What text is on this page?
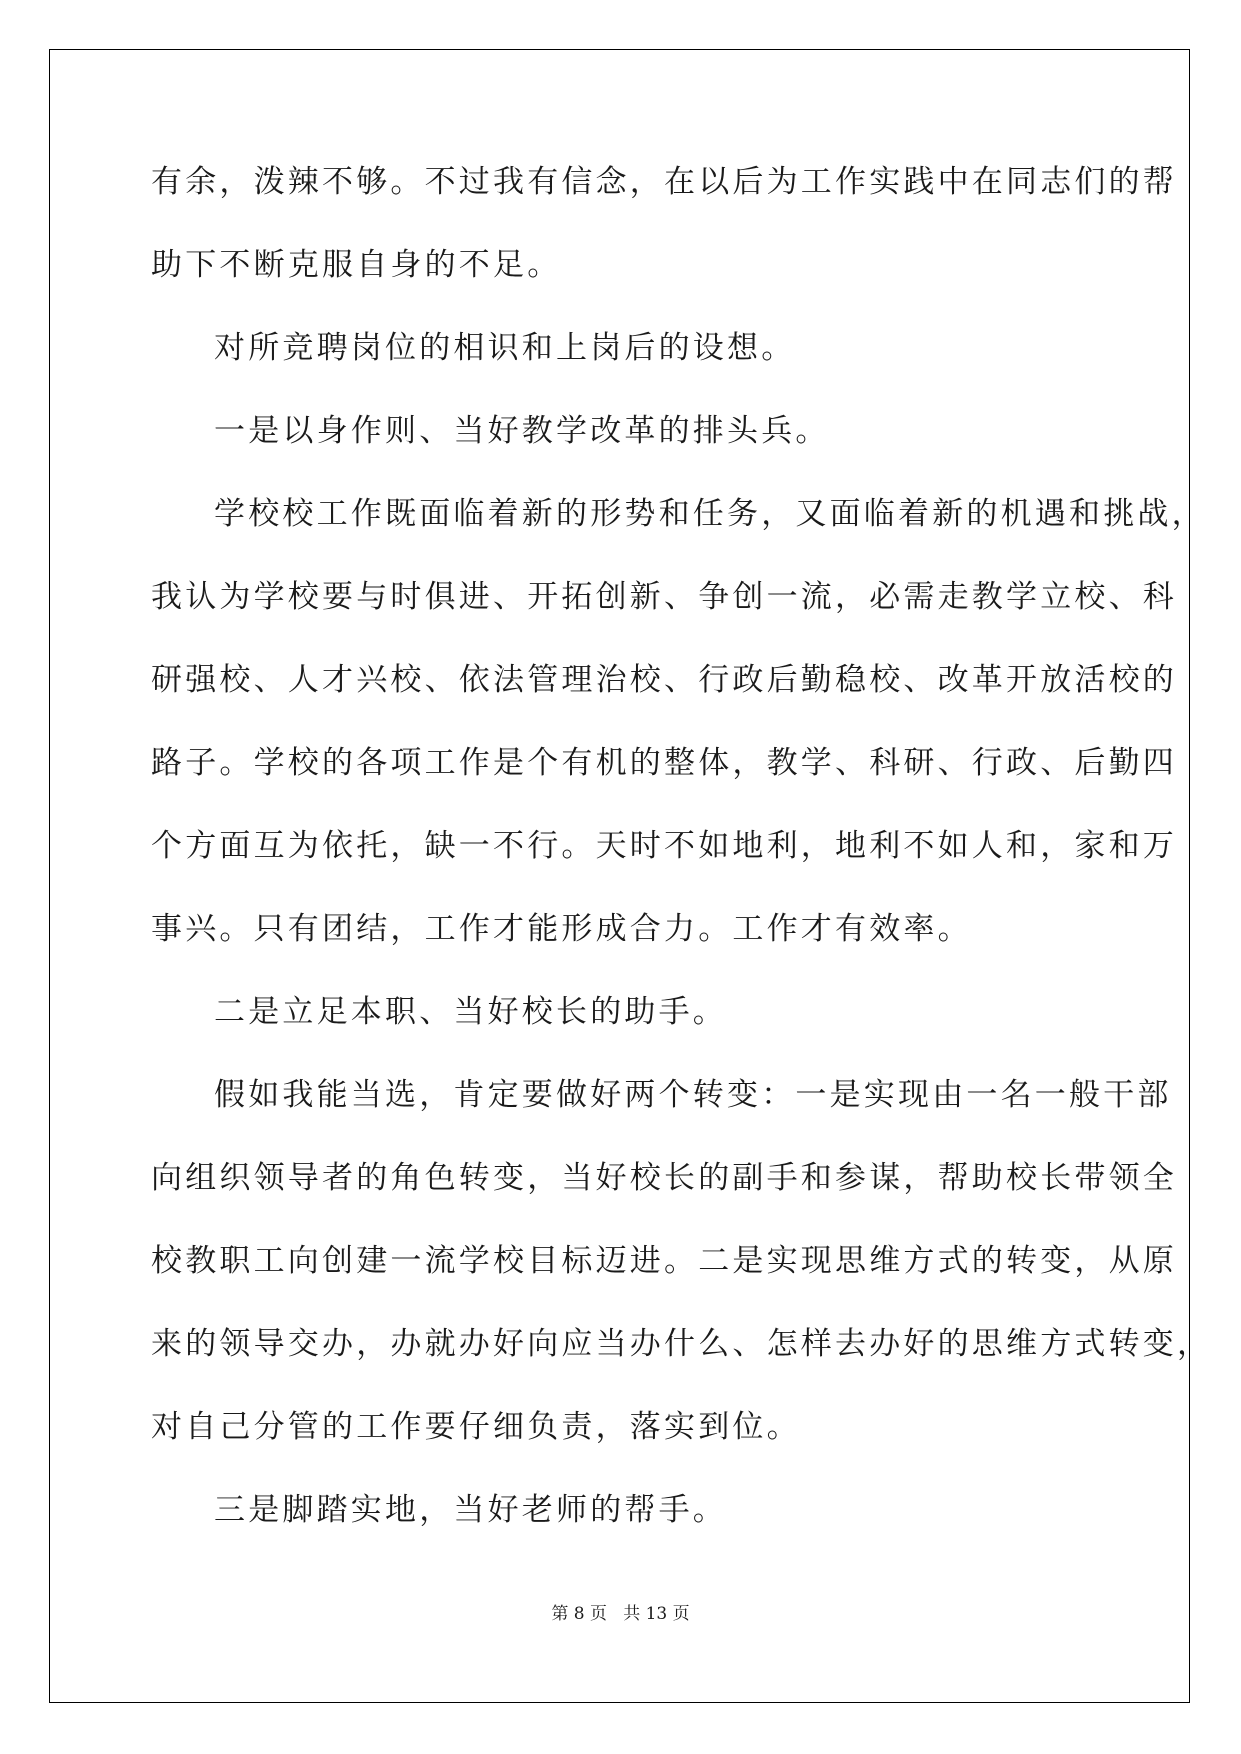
有余，泼辣不够。不过我有信念，在以后为工作实践中在同志们的帮
助下不断克服自身的不足。
对所竞聘岗位的相识和上岗后的设想。
一是以身作则、当好教学改革的排头兵。
学校校工作既面临着新的形势和任务，又面临着新的机遇和挑战，
我认为学校要与时俱进、开拓创新、争创一流，必需走教学立校、科
研强校、人才兴校、依法管理治校、行政后勤稳校、改革开放活校的
路子。学校的各项工作是个有机的整体，教学、科研、行政、后勤四
个方面互为依托，缺一不行。天时不如地利，地利不如人和，家和万
事兴。只有团结，工作才能形成合力。工作才有效率。
二是立足本职、当好校长的助手。
假如我能当选，肯定要做好两个转变：一是实现由一名一般干部
向组织领导者的角色转变，当好校长的副手和参谋，帮助校长带领全
校教职工向创建一流学校目标迈进。二是实现思维方式的转变，从原
来的领导交办，办就办好向应当办什么、怎样去办好的思维方式转变，
对自己分管的工作要仔细负责，落实到位。
三是脚踏实地，当好老师的帮手。
第 8 页 共 13 页
